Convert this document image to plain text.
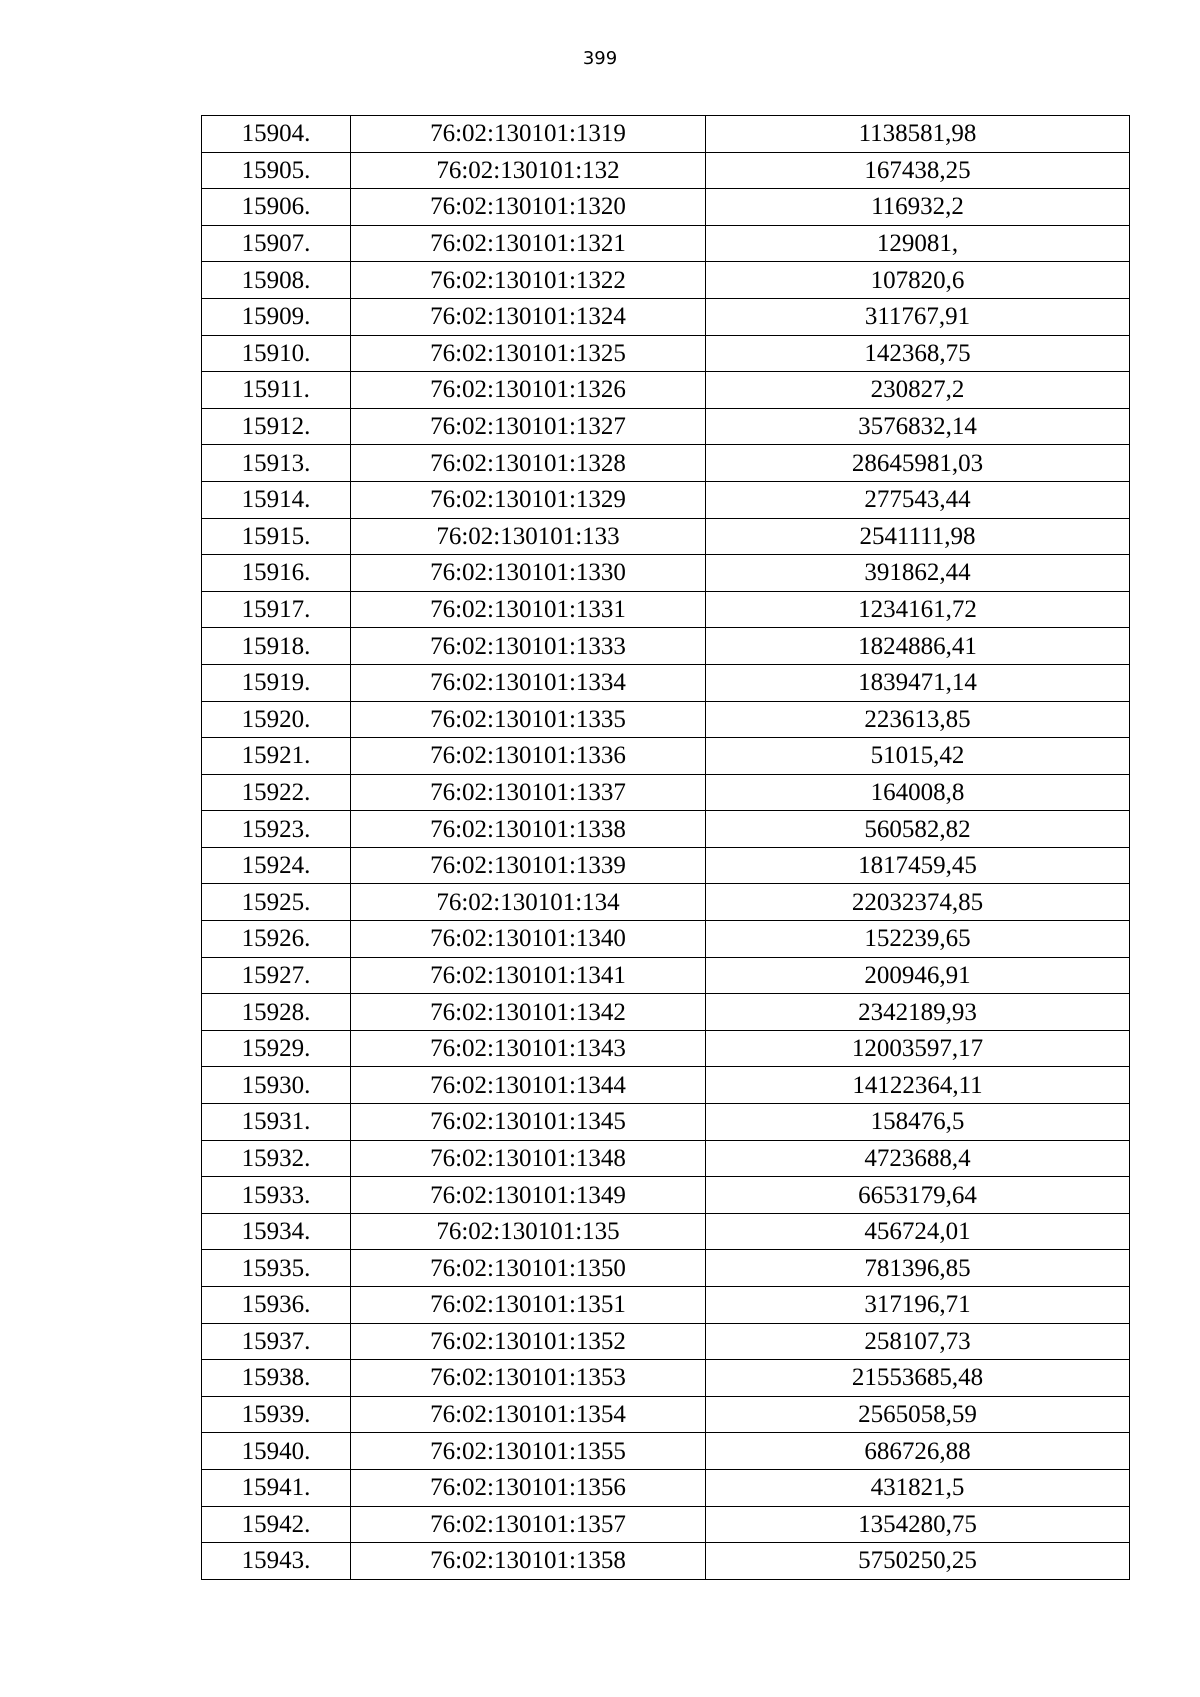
399
15904.	76:02:130101:1319	1138581,98
15905.	76:02:130101:132	167438,25
15906.	76:02:130101:1320	116932,2
15907.	76:02:130101:1321	129081,
15908.	76:02:130101:1322	107820,6
15909.	76:02:130101:1324	311767,91
15910.	76:02:130101:1325	142368,75
15911.	76:02:130101:1326	230827,2
15912.	76:02:130101:1327	3576832,14
15913.	76:02:130101:1328	28645981,03
15914.	76:02:130101:1329	277543,44
15915.	76:02:130101:133	2541111,98
15916.	76:02:130101:1330	391862,44
15917.	76:02:130101:1331	1234161,72
15918.	76:02:130101:1333	1824886,41
15919.	76:02:130101:1334	1839471,14
15920.	76:02:130101:1335	223613,85
15921.	76:02:130101:1336	51015,42
15922.	76:02:130101:1337	164008,8
15923.	76:02:130101:1338	560582,82
15924.	76:02:130101:1339	1817459,45
15925.	76:02:130101:134	22032374,85
15926.	76:02:130101:1340	152239,65
15927.	76:02:130101:1341	200946,91
15928.	76:02:130101:1342	2342189,93
15929.	76:02:130101:1343	12003597,17
15930.	76:02:130101:1344	14122364,11
15931.	76:02:130101:1345	158476,5
15932.	76:02:130101:1348	4723688,4
15933.	76:02:130101:1349	6653179,64
15934.	76:02:130101:135	456724,01
15935.	76:02:130101:1350	781396,85
15936.	76:02:130101:1351	317196,71
15937.	76:02:130101:1352	258107,73
15938.	76:02:130101:1353	21553685,48
15939.	76:02:130101:1354	2565058,59
15940.	76:02:130101:1355	686726,88
15941.	76:02:130101:1356	431821,5
15942.	76:02:130101:1357	1354280,75
15943.	76:02:130101:1358	5750250,25
